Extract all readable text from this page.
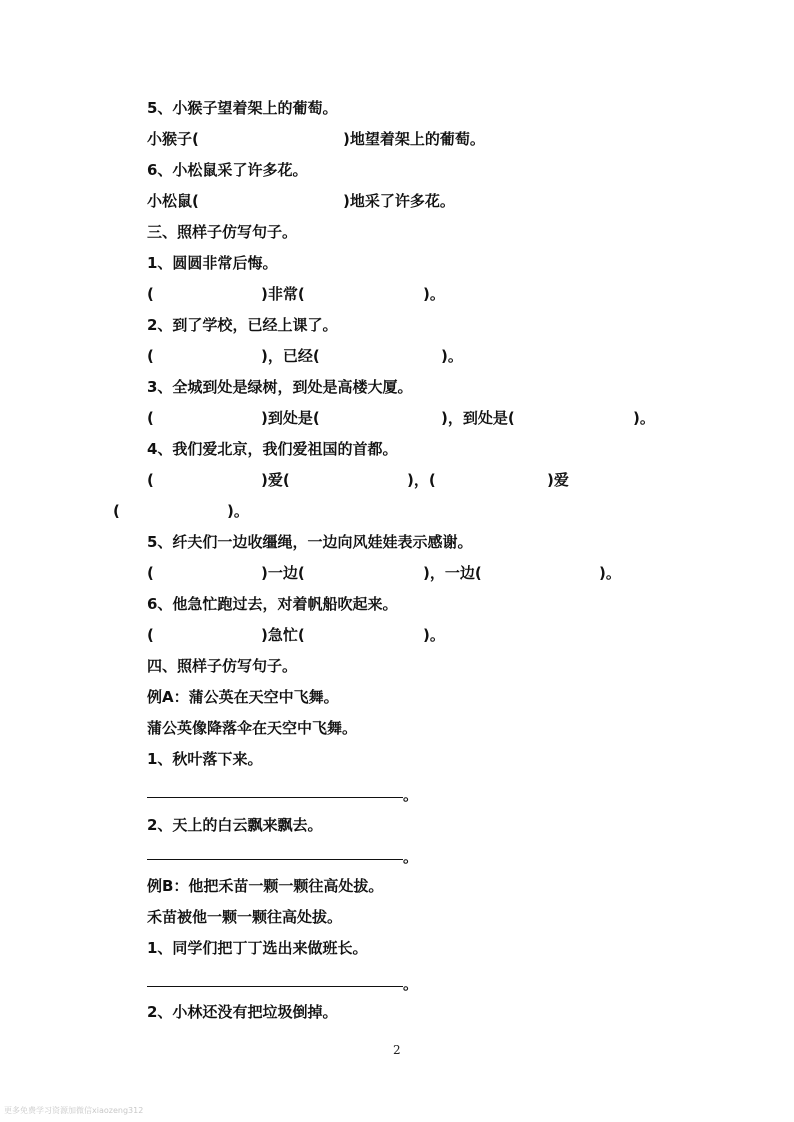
5、小猴子望着架上的葡萄。
小猴子(	)地望着架上的葡萄。
6、小松鼠采了许多花。
小松鼠(	)地采了许多花。
三、照样子仿写句子。
1、圆圆非常后悔。
(	)非常(	)。
2、到了学校，已经上课了。
(	)，已经(	)。
3、全城到处是绿树，到处是高楼大厦。
(	)到处是(	)，到处是(	)。
4、我们爱北京，我们爱祖国的首都。
(	)爱(	)，(	)爱
(	)。
5、纤夫们一边收缰绳，一边向风娃娃表示感谢。
(	)一边(	)，一边(	)。
6、他急忙跑过去，对着帆船吹起来。
(	)急忙(	)。
四、照样子仿写句子。
例A：蒲公英在天空中飞舞。
蒲公英像降落伞在天空中飞舞。
1、秋叶落下来。
。
2、天上的白云飘来飘去。
。
例B：他把禾苗一颗一颗往高处拔。
禾苗被他一颗一颗往高处拔。
1、同学们把丁丁选出来做班长。
。
2、小林还没有把垃圾倒掉。
2
更多免费学习资源加微信xiaozeng312
